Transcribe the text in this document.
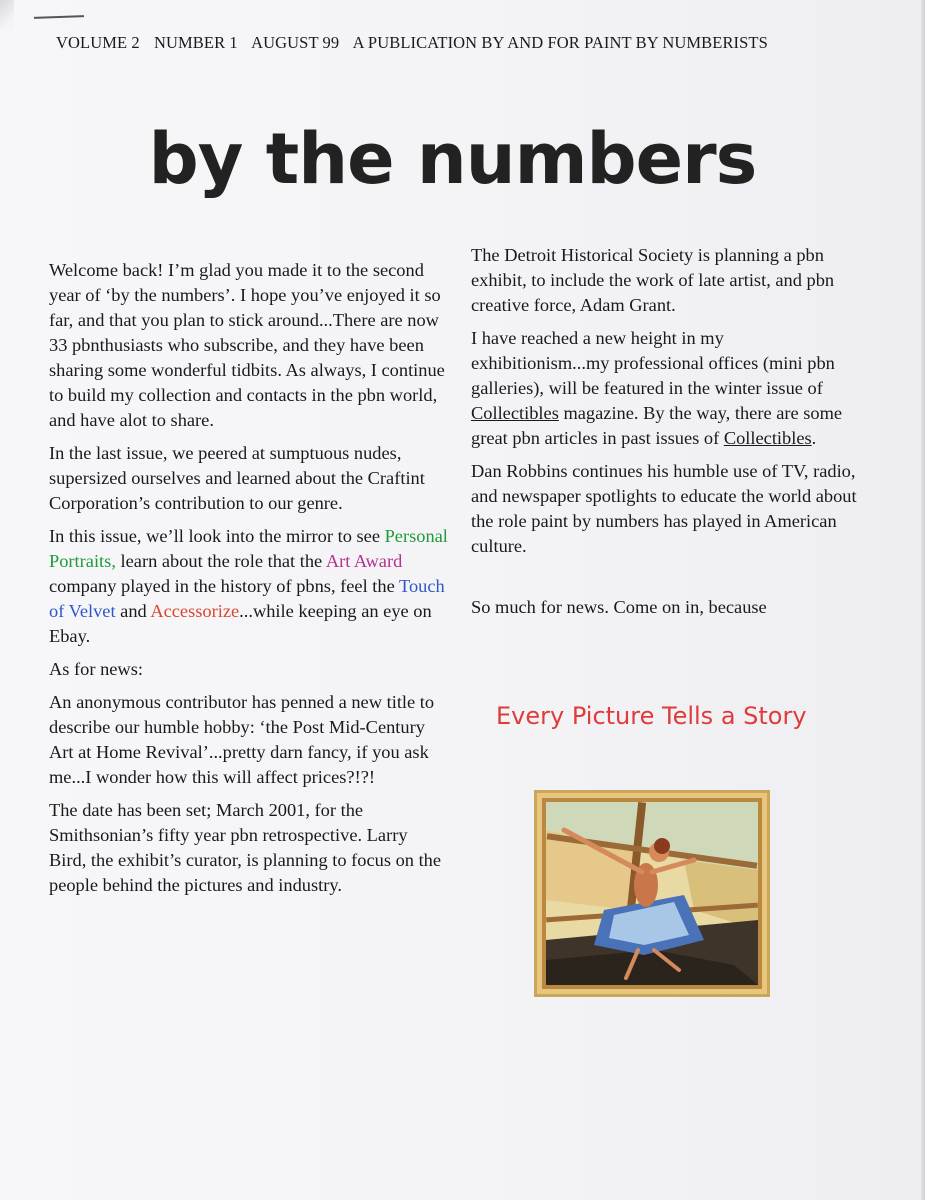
VOLUME 2 NUMBER 1 AUGUST 99 A PUBLICATION BY AND FOR PAINT BY NUMBERISTS
by the numbers

Welcome back! I’m glad you made it to the second year of ‘by the numbers’. I hope you’ve enjoyed it so far, and that you plan to stick around...There are now 33 pbnthusiasts who subscribe, and they have been sharing some wonderful tidbits. As always, I continue to build my collection and contacts in the pbn world, and have alot to share.

In the last issue, we peered at sumptuous nudes, supersized ourselves and learned about the Craftint Corporation’s contribution to our genre.

In this issue, we’ll look into the mirror to see Personal Portraits, learn about the role that the Art Award company played in the history of pbns, feel the Touch of Velvet and Accessorize...while keeping an eye on Ebay.

As for news:

An anonymous contributor has penned a new title to describe our humble hobby: ‘the Post Mid-Century Art at Home Revival’...pretty darn fancy, if you ask me...I wonder how this will affect prices?!?!

The date has been set; March 2001, for the Smithsonian’s fifty year pbn retrospective. Larry Bird, the exhibit’s curator, is planning to focus on the people behind the pictures and industry.

The Detroit Historical Society is planning a pbn exhibit, to include the work of late artist, and pbn creative force, Adam Grant.

I have reached a new height in my exhibitionism...my professional offices (mini pbn galleries), will be featured in the winter issue of Collectibles magazine. By the way, there are some great pbn articles in past issues of Collectibles.

Dan Robbins continues his humble use of TV, radio, and newspaper spotlights to educate the world about the role paint by numbers has played in American culture.

So much for news. Come on in, because

Every Picture Tells a Story
